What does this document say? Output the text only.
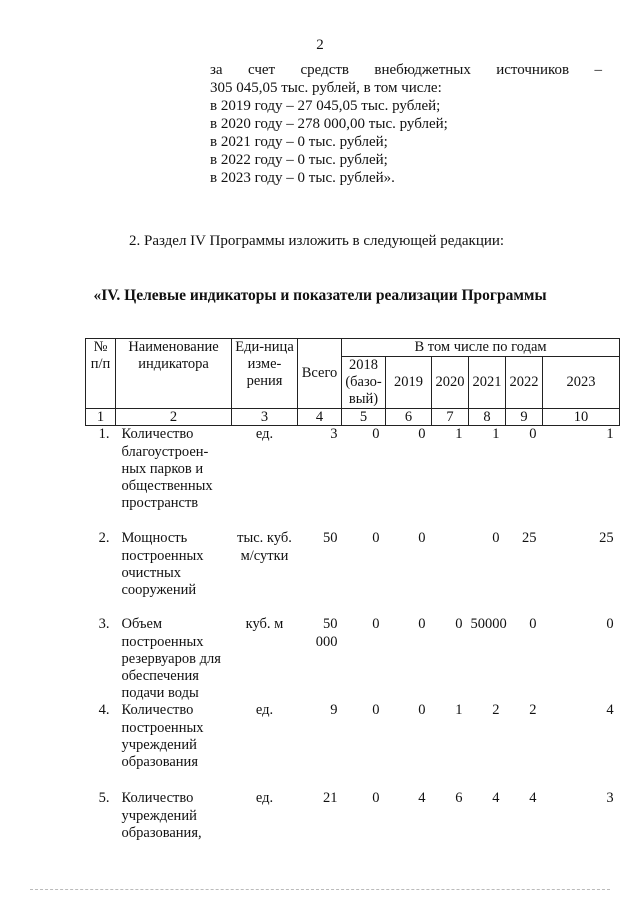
2
за счет средств внебюджетных источников –
305 045,05 тыс. рублей, в том числе:
в 2019 году – 27 045,05 тыс. рублей;
в 2020 году – 278 000,00 тыс. рублей;
в 2021 году – 0 тыс. рублей;
в 2022 году – 0 тыс. рублей;
в 2023 году – 0 тыс. рублей».
2. Раздел IV Программы изложить в следующей редакции:
«IV. Целевые индикаторы и показатели реализации Программы
№ п/п	Наименование индикатора	Еди-ница изме-рения	Всего	В том числе по годам					
				2018 (базо-вый)	2019	2020	2021	2022	2023
1	2	3	4	5	6	7	8	9	10
1.	Количество благоустроен-ных парков и общественных пространств	ед.	3	0	0	1	1	0	1
2.	Мощность построенных очистных сооружений	тыс. куб. м/сутки	50	0	0		0	25	25
3.	Объем построенных резервуаров для обеспечения подачи воды	куб. м	50 000	0	0	0	50000	0	0
4.	Количество построенных учреждений образования	ед.	9	0	0	1	2	2	4
5.	Количество учреждений образования,	ед.	21	0	4	6	4	4	3
